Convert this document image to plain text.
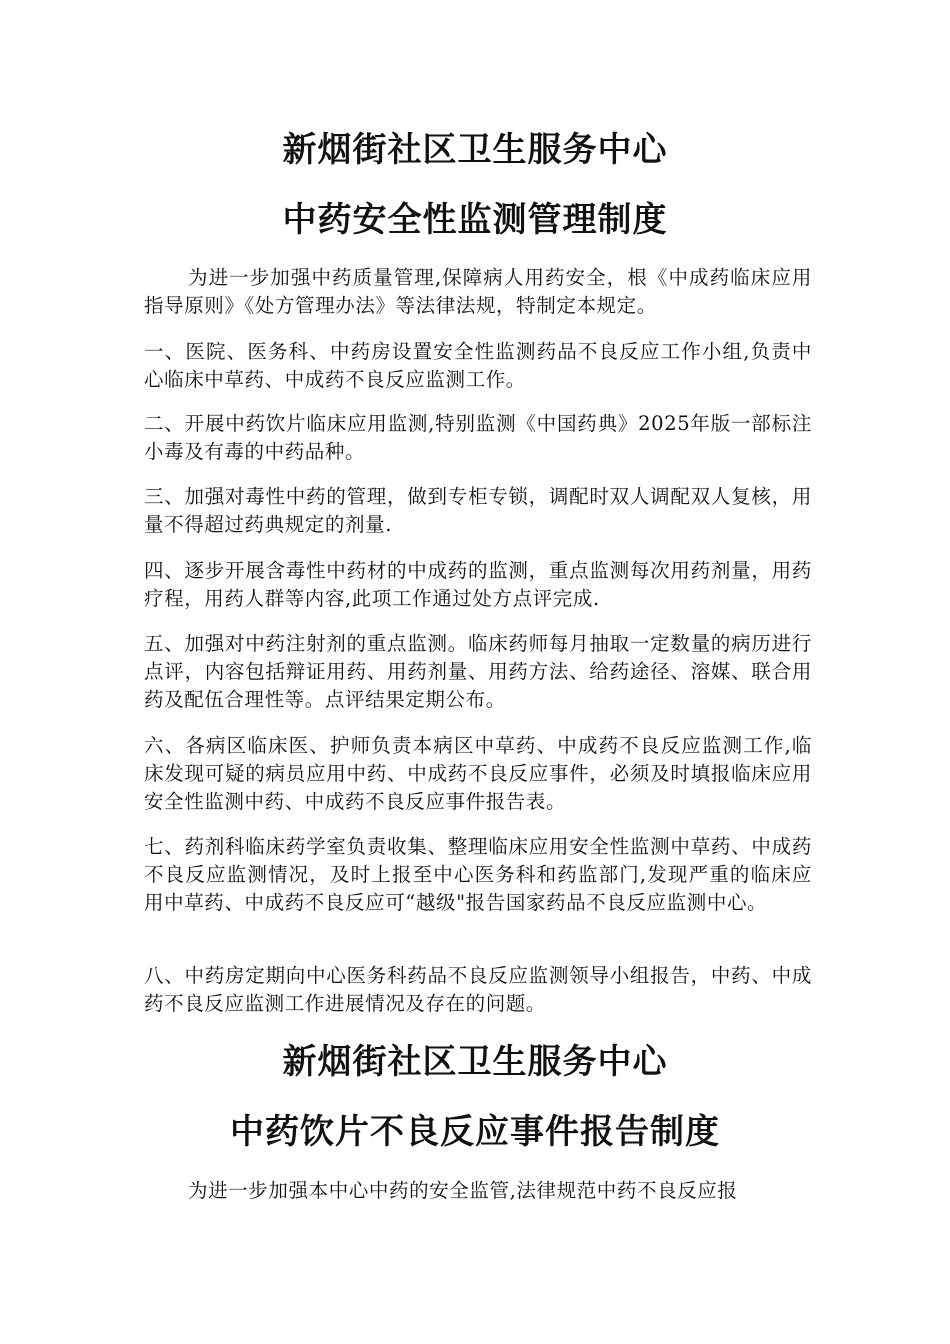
新烟街社区卫生服务中心
中药安全性监测管理制度

为进一步加强中药质量管理,保障病人用药安全，根《中成药临床应用指导原则》《处方管理办法》等法律法规，特制定本规定。

一、医院、医务科、中药房设置安全性监测药品不良反应工作小组,负责中心临床中草药、中成药不良反应监测工作。

二、开展中药饮片临床应用监测,特别监测《中国药典》2025年版一部标注小毒及有毒的中药品种。

三、加强对毒性中药的管理，做到专柜专锁，调配时双人调配双人复核，用量不得超过药典规定的剂量.

四、逐步开展含毒性中药材的中成药的监测，重点监测每次用药剂量，用药疗程，用药人群等内容,此项工作通过处方点评完成.

五、加强对中药注射剂的重点监测。临床药师每月抽取一定数量的病历进行点评，内容包括辩证用药、用药剂量、用药方法、给药途径、溶媒、联合用药及配伍合理性等。点评结果定期公布。

六、各病区临床医、护师负责本病区中草药、中成药不良反应监测工作,临床发现可疑的病员应用中药、中成药不良反应事件，必须及时填报临床应用安全性监测中药、中成药不良反应事件报告表。

七、药剂科临床药学室负责收集、整理临床应用安全性监测中草药、中成药不良反应监测情况，及时上报至中心医务科和药监部门,发现严重的临床应用中草药、中成药不良反应可“越级"报告国家药品不良反应监测中心。

八、中药房定期向中心医务科药品不良反应监测领导小组报告，中药、中成药不良反应监测工作进展情况及存在的问题。

新烟街社区卫生服务中心
中药饮片不良反应事件报告制度

为进一步加强本中心中药的安全监管,法律规范中药不良反应报
